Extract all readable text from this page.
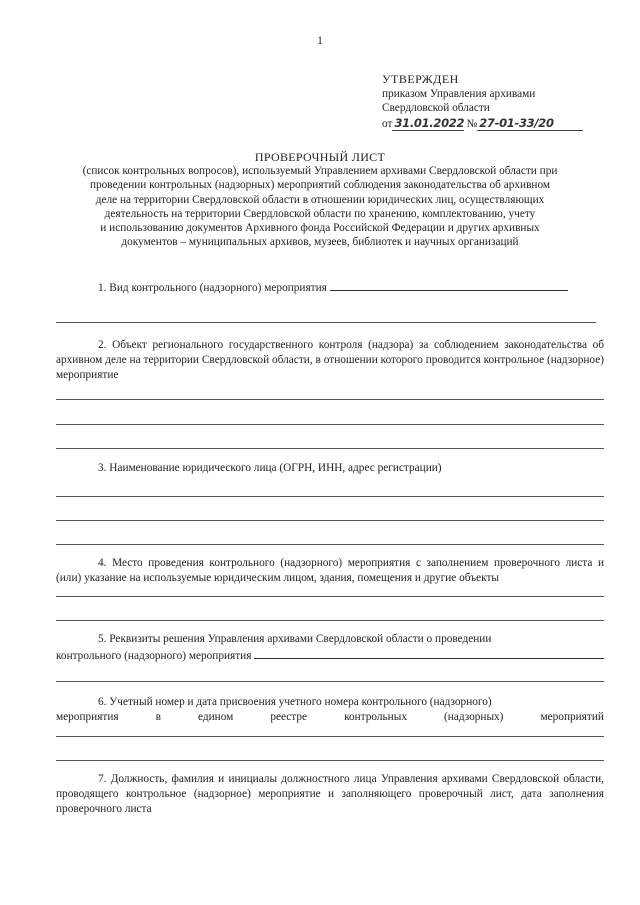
1
УТВЕРЖДЕН
приказом Управления архивами
Свердловской области
от 31.01.2022 № 27-01-33/20
ПРОВЕРОЧНЫЙ ЛИСТ
(список контрольных вопросов), используемый Управлением архивами Свердловской области при
проведении контрольных (надзорных) мероприятий соблюдения законодательства об архивном
деле на территории Свердловской области в отношении юридических лиц, осуществляющих
деятельность на территории Свердловской области по хранению, комплектованию, учету
и использованию документов Архивного фонда Российской Федерации и других архивных
документов – муниципальных архивов, музеев, библиотек и научных организаций
1. Вид контрольного (надзорного) мероприятия
2. Объект регионального государственного контроля (надзора) за соблюдением законодательства об архивном деле на территории Свердловской области, в отношении которого проводится контрольное (надзорное) мероприятие
3. Наименование юридического лица (ОГРН, ИНН, адрес регистрации)
4. Место проведения контрольного (надзорного) мероприятия с заполнением проверочного листа и (или) указание на используемые юридическим лицом, здания, помещения и другие объекты
5. Реквизиты решения Управления архивами Свердловской области о проведении
контрольного (надзорного) мероприятия
6. Учетный номер и дата присвоения учетного номера контрольного (надзорного)
мероприятия	в	едином	реестре	контрольных	(надзорных)	мероприятий
7. Должность, фамилия и инициалы должностного лица Управления архивами Свердловской области, проводящего контрольное (надзорное) мероприятие и заполняющего проверочный лист, дата заполнения проверочного листа
